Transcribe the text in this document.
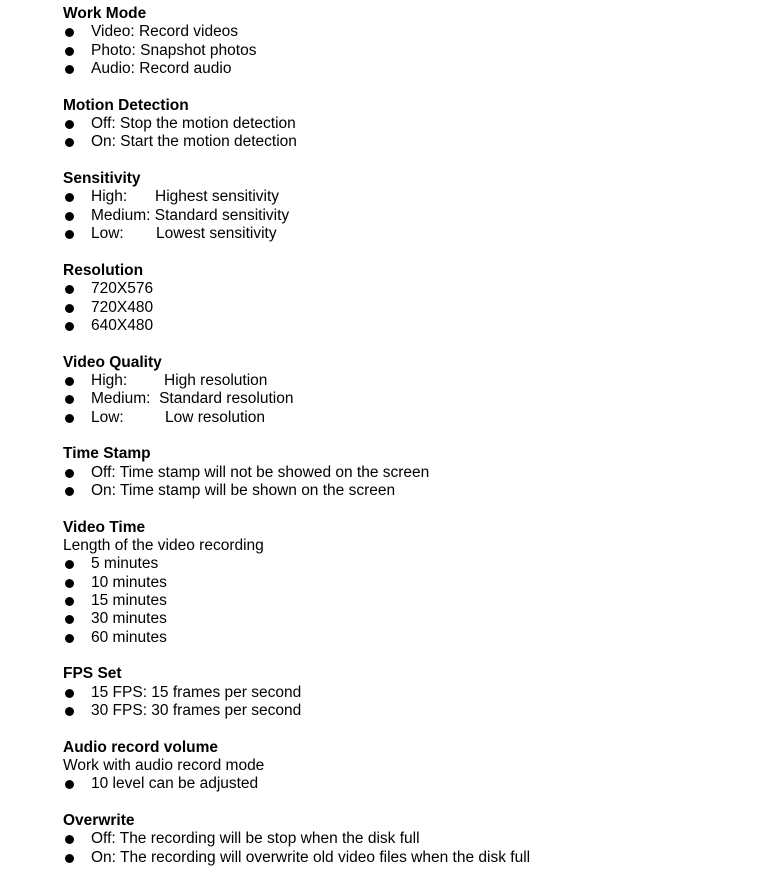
Work Mode
Video: Record videos
Photo: Snapshot photos
Audio: Record audio
Motion Detection
Off: Stop the motion detection
On: Start the motion detection
Sensitivity
High: Highest sensitivity
Medium: Standard sensitivity
Low: Lowest sensitivity
Resolution
720X576
720X480
640X480
Video Quality
High: High resolution
Medium: Standard resolution
Low:	Low resolution
Time Stamp
Off: Time stamp will not be showed on the screen
On: Time stamp will be shown on the screen
Video Time
Length of the video recording
5 minutes
10 minutes
15 minutes
30 minutes
60 minutes
FPS Set
15 FPS: 15 frames per second
30 FPS: 30 frames per second
Audio record volume
Work with audio record mode
10 level can be adjusted
Overwrite
Off: The recording will be stop when the disk full
On: The recording will overwrite old video files when the disk full
